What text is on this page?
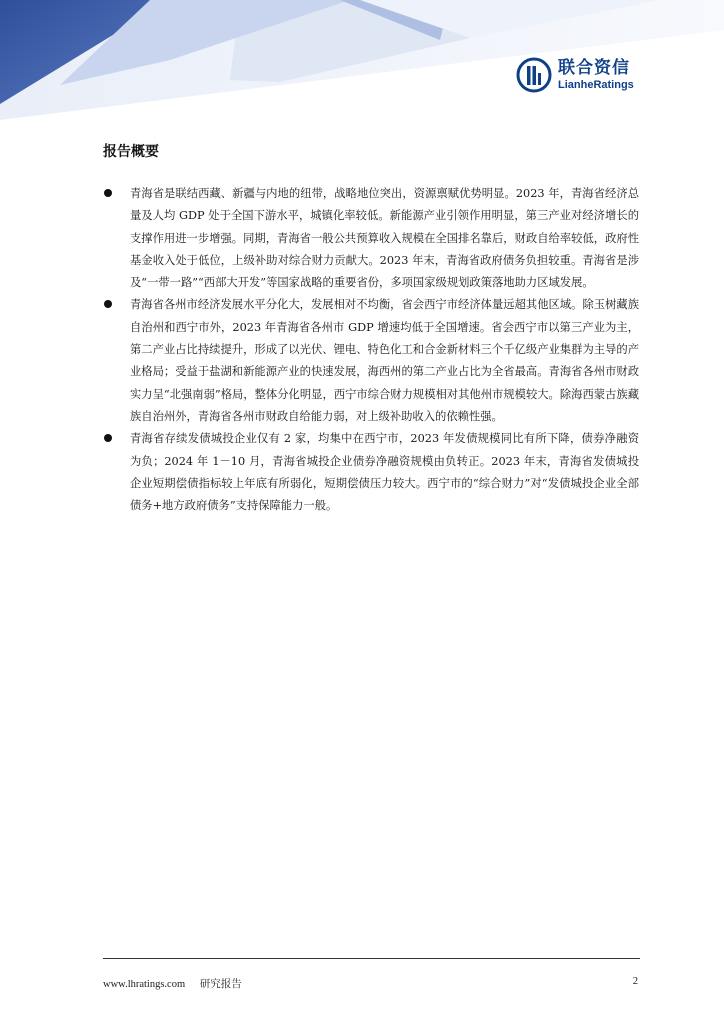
联合资信
LianheRatings
报告概要
青海省是联结西藏、新疆与内地的纽带，战略地位突出，资源禀赋优势明显。2023 年，青海省经济总量及人均 GDP 处于全国下游水平，城镇化率较低。新能源产业引领作用明显，第三产业对经济增长的支撑作用进一步增强。同期，青海省一般公共预算收入规模在全国排名靠后，财政自给率较低，政府性基金收入处于低位，上级补助对综合财力贡献大。2023 年末，青海省政府债务负担较重。青海省是涉及“一带一路”“西部大开发”等国家战略的重要省份，多项国家级规划政策落地助力区域发展。
青海省各州市经济发展水平分化大，发展相对不均衡，省会西宁市经济体量远超其他区域。除玉树藏族自治州和西宁市外，2023 年青海省各州市 GDP 增速均低于全国增速。省会西宁市以第三产业为主，第二产业占比持续提升，形成了以光伏、锂电、特色化工和合金新材料三个千亿级产业集群为主导的产业格局；受益于盐湖和新能源产业的快速发展，海西州的第二产业占比为全省最高。青海省各州市财政实力呈“北强南弱”格局，整体分化明显，西宁市综合财力规模相对其他州市规模较大。除海西蒙古族藏族自治州外，青海省各州市财政自给能力弱，对上级补助收入的依赖性强。
青海省存续发债城投企业仅有 2 家，均集中在西宁市，2023 年发债规模同比有所下降，债券净融资为负；2024 年 1－10 月，青海省城投企业债券净融资规模由负转正。2023 年末，青海省发债城投企业短期偿债指标较上年底有所弱化，短期偿债压力较大。西宁市的“综合财力”对“发债城投企业全部债务+地方政府债务”支持保障能力一般。
www.lhratings.com 研究报告	2
